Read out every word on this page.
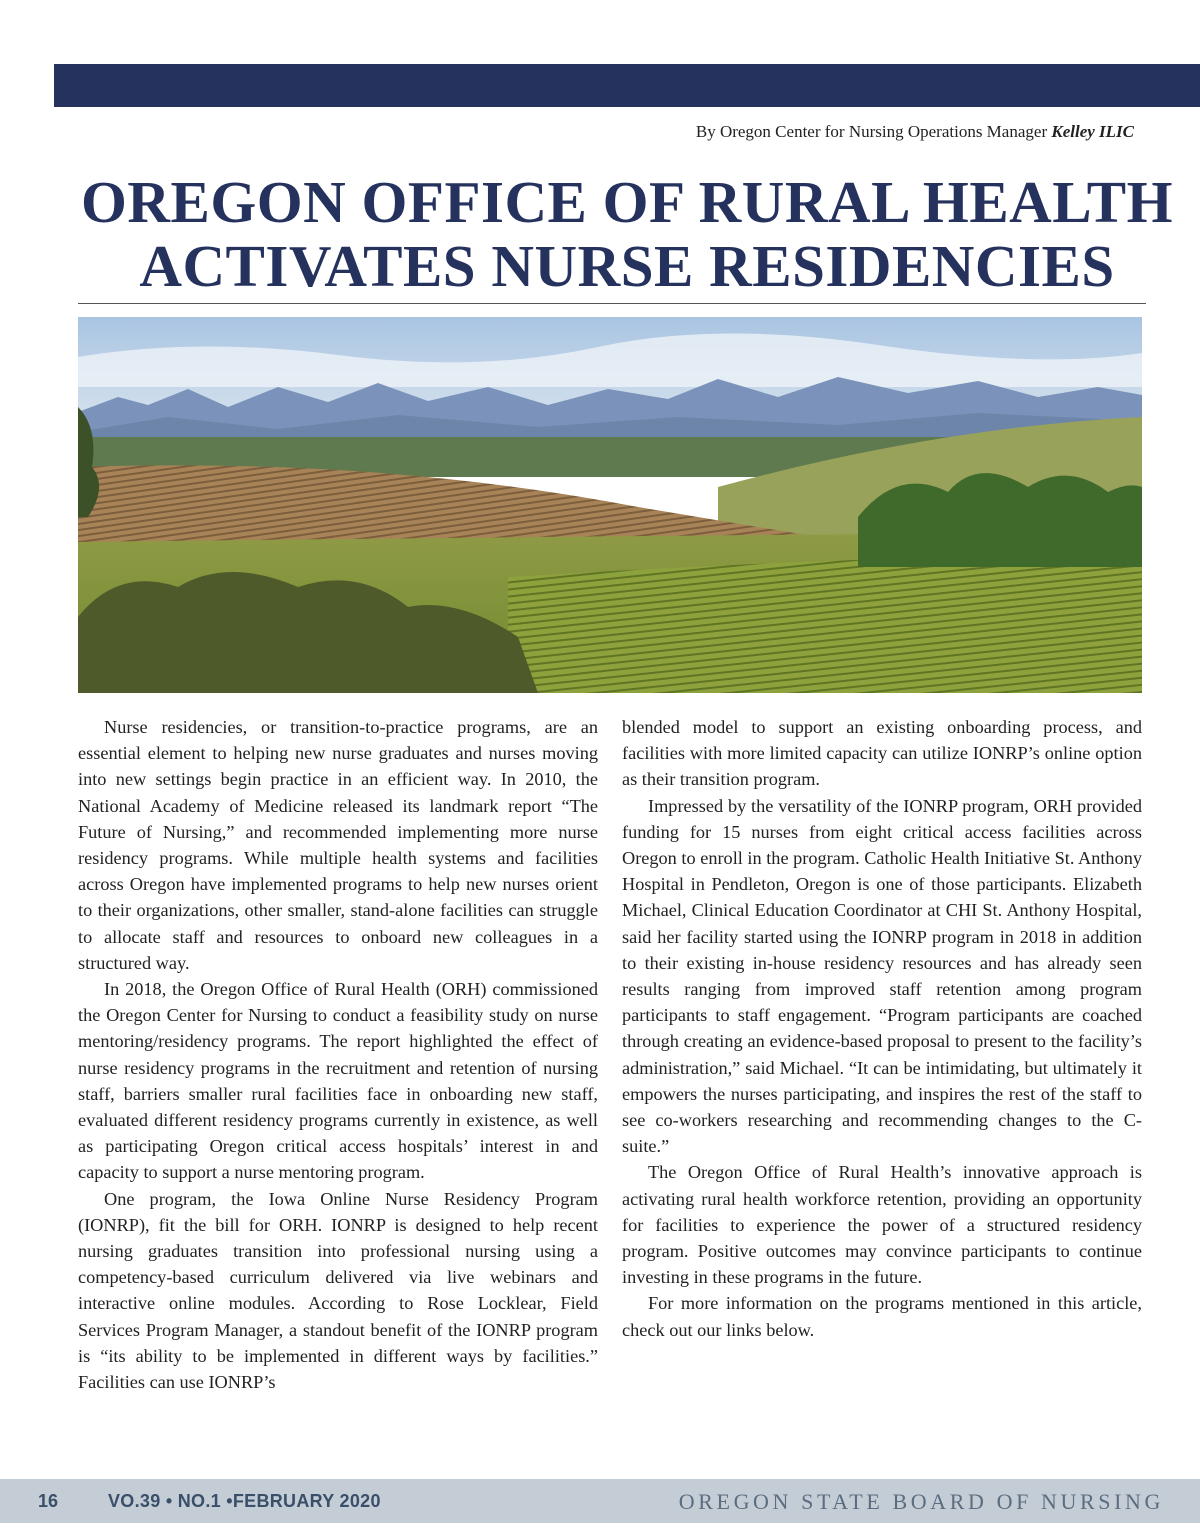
By Oregon Center for Nursing Operations Manager Kelley ILIC
OREGON OFFICE OF RURAL HEALTH
ACTIVATES NURSE RESIDENCIES

Nurse residencies, or transition-to-practice programs, are an essential element to helping new nurse graduates and nurses moving into new settings begin practice in an efficient way. In 2010, the National Academy of Medicine released its landmark report “The Future of Nursing,” and recommended implementing more nurse residency programs. While multiple health systems and facilities across Oregon have implemented programs to help new nurses orient to their organizations, other smaller, stand-alone facilities can struggle to allocate staff and resources to onboard new colleagues in a structured way.

In 2018, the Oregon Office of Rural Health (ORH) commissioned the Oregon Center for Nursing to conduct a feasibility study on nurse mentoring/residency programs. The report highlighted the effect of nurse residency programs in the recruitment and retention of nursing staff, barriers smaller rural facilities face in onboarding new staff, evaluated different residency programs currently in existence, as well as participating Oregon critical access hospitals’ interest in and capacity to support a nurse mentoring program.

One program, the Iowa Online Nurse Residency Program (IONRP), fit the bill for ORH. IONRP is designed to help recent nursing graduates transition into professional nursing using a competency-based curriculum delivered via live webinars and interactive online modules. According to Rose Locklear, Field Services Program Manager, a standout benefit of the IONRP program is “its ability to be implemented in different ways by facilities.” Facilities can use IONRP’s

blended model to support an existing onboarding process, and facilities with more limited capacity can utilize IONRP’s online option as their transition program.

Impressed by the versatility of the IONRP program, ORH provided funding for 15 nurses from eight critical access facilities across Oregon to enroll in the program. Catholic Health Initiative St. Anthony Hospital in Pendleton, Oregon is one of those participants. Elizabeth Michael, Clinical Education Coordinator at CHI St. Anthony Hospital, said her facility started using the IONRP program in 2018 in addition to their existing in-house residency resources and has already seen results ranging from improved staff retention among program participants to staff engagement. “Program participants are coached through creating an evidence-based proposal to present to the facility’s administration,” said Michael. “It can be intimidating, but ultimately it empowers the nurses participating, and inspires the rest of the staff to see co-workers researching and recommending changes to the C-suite.”

The Oregon Office of Rural Health’s innovative approach is activating rural health workforce retention, providing an opportunity for facilities to experience the power of a structured residency program. Positive outcomes may convince participants to continue investing in these programs in the future.

For more information on the programs mentioned in this article, check out our links below.

16	VO.39 • NO.1 •FEBRUARY 2020	OREGON STATE BOARD OF NURSING
